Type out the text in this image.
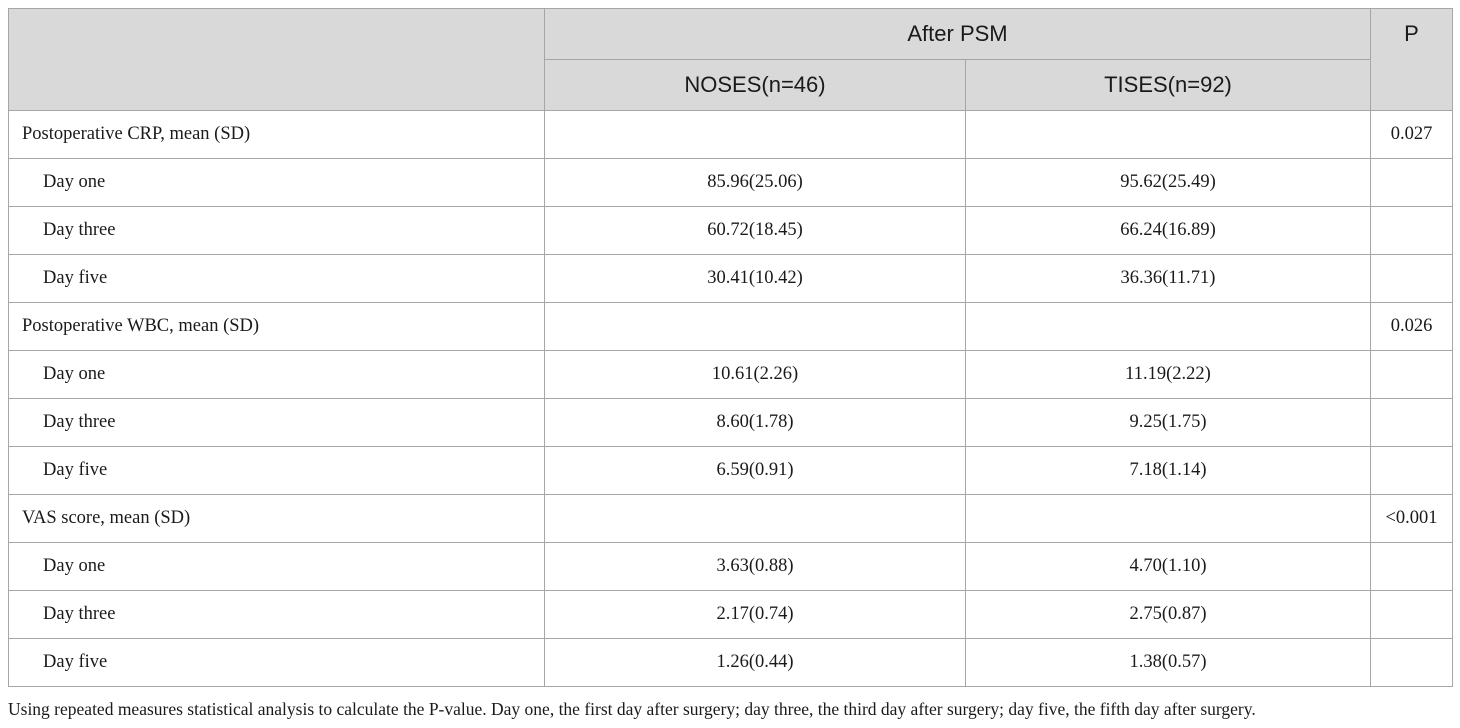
	After PSM		P
	NOSES(n=46)	TISES(n=92)	
Postoperative CRP, mean (SD)			0.027
Day one	85.96(25.06)	95.62(25.49)	
Day three	60.72(18.45)	66.24(16.89)	
Day five	30.41(10.42)	36.36(11.71)	
Postoperative WBC, mean (SD)			0.026
Day one	10.61(2.26)	11.19(2.22)	
Day three	8.60(1.78)	9.25(1.75)	
Day five	6.59(0.91)	7.18(1.14)	
VAS score, mean (SD)			<0.001
Day one	3.63(0.88)	4.70(1.10)	
Day three	2.17(0.74)	2.75(0.87)	
Day five	1.26(0.44)	1.38(0.57)	
Using repeated measures statistical analysis to calculate the P-value. Day one, the first day after surgery; day three, the third day after surgery; day five, the fifth day after surgery.
